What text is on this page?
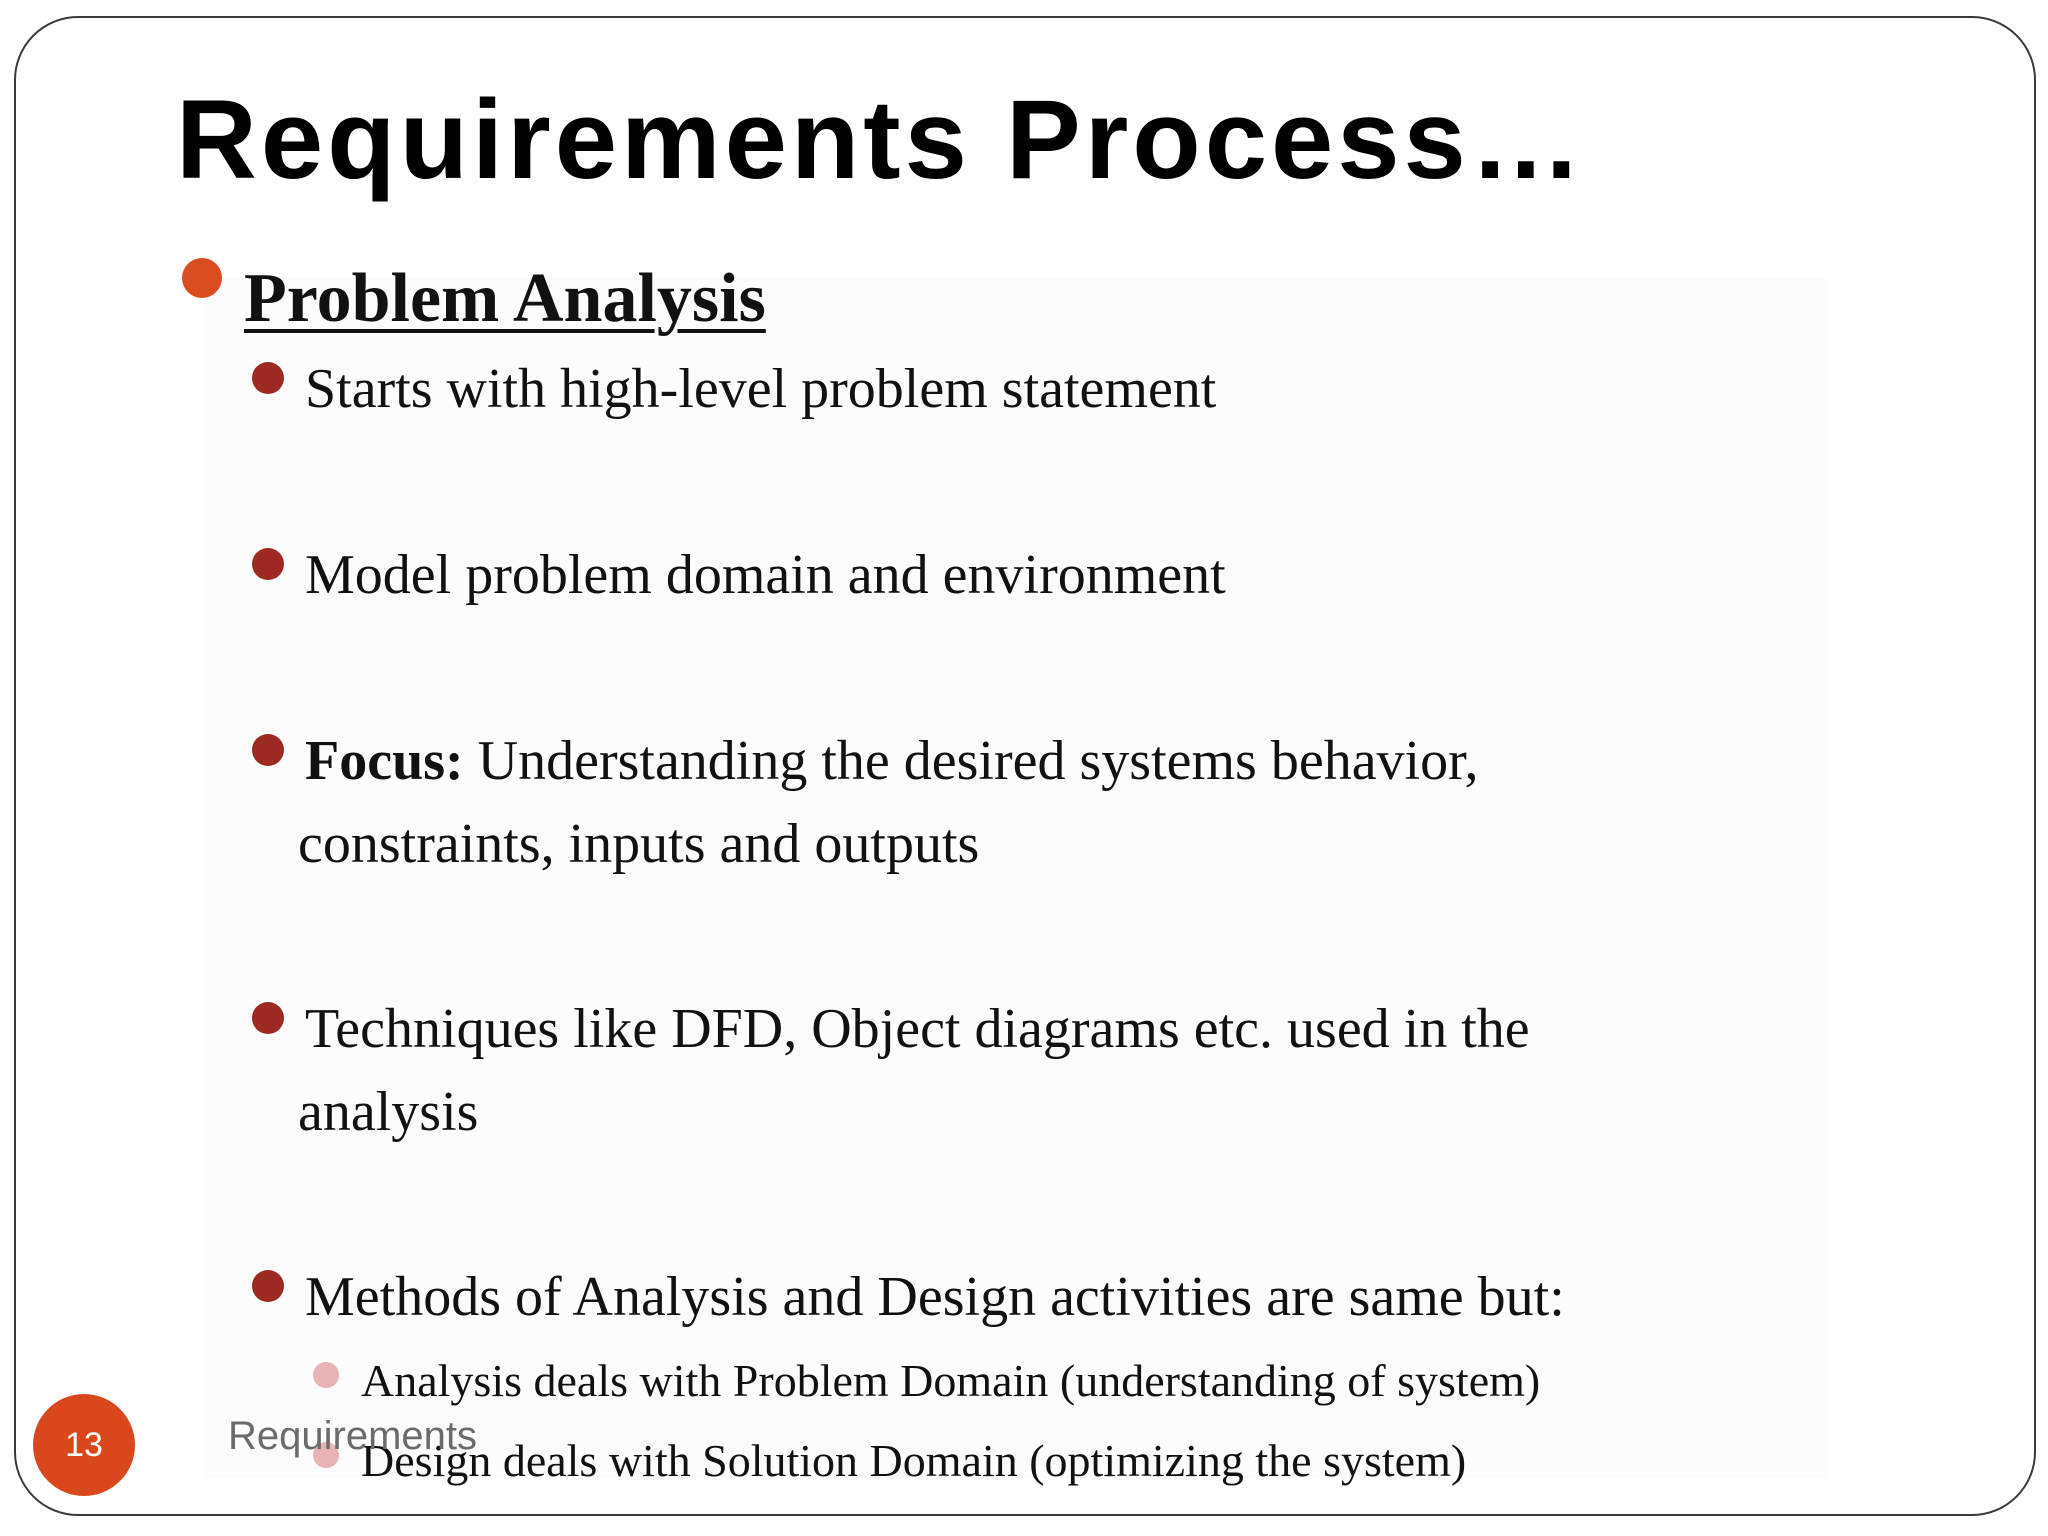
Requirements Process…
Problem Analysis
Starts with high-level problem statement
Model problem domain and environment
Focus: Understanding the desired systems behavior,
constraints, inputs and outputs
Techniques like DFD, Object diagrams etc. used in the
analysis
Methods of Analysis and Design activities are same but:
Analysis deals with Problem Domain (understanding of system)
Design deals with Solution Domain (optimizing the system)
13	Requirements
